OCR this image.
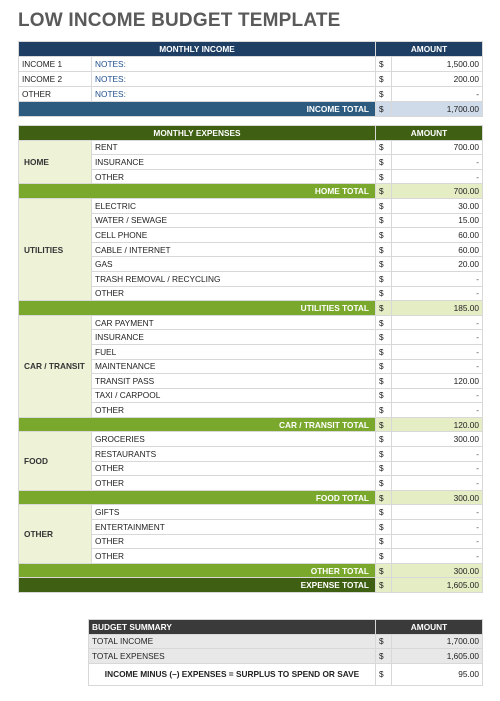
LOW INCOME BUDGET TEMPLATE
MONTHLY INCOME		AMOUNT	
INCOME 1	NOTES:	$	1,500.00
INCOME 2	NOTES:	$	200.00
OTHER	NOTES:	$	-
INCOME TOTAL		$	1,700.00
MONTHLY EXPENSES		AMOUNT	
HOME	RENT	$	700.00
	INSURANCE	$	-
	OTHER	$	-
HOME TOTAL		$	700.00
UTILITIES	ELECTRIC	$	30.00
	WATER / SEWAGE	$	15.00
	CELL PHONE	$	60.00
	CABLE / INTERNET	$	60.00
	GAS	$	20.00
	TRASH REMOVAL / RECYCLING	$	-
	OTHER	$	-
UTILITIES TOTAL		$	185.00
CAR / TRANSIT	CAR PAYMENT	$	-
	INSURANCE	$	-
	FUEL	$	-
	MAINTENANCE	$	-
	TRANSIT PASS	$	120.00
	TAXI / CARPOOL	$	-
	OTHER	$	-
CAR / TRANSIT TOTAL		$	120.00
FOOD	GROCERIES	$	300.00
	RESTAURANTS	$	-
	OTHER	$	-
	OTHER	$	-
FOOD TOTAL		$	300.00
OTHER	GIFTS	$	-
	ENTERTAINMENT	$	-
	OTHER	$	-
	OTHER	$	-
OTHER TOTAL		$	300.00
EXPENSE TOTAL		$	1,605.00
BUDGET SUMMARY	AMOUNT	
TOTAL INCOME	$	1,700.00
TOTAL EXPENSES	$	1,605.00
INCOME MINUS (–) EXPENSES = SURPLUS TO SPEND OR SAVE	$	95.00
